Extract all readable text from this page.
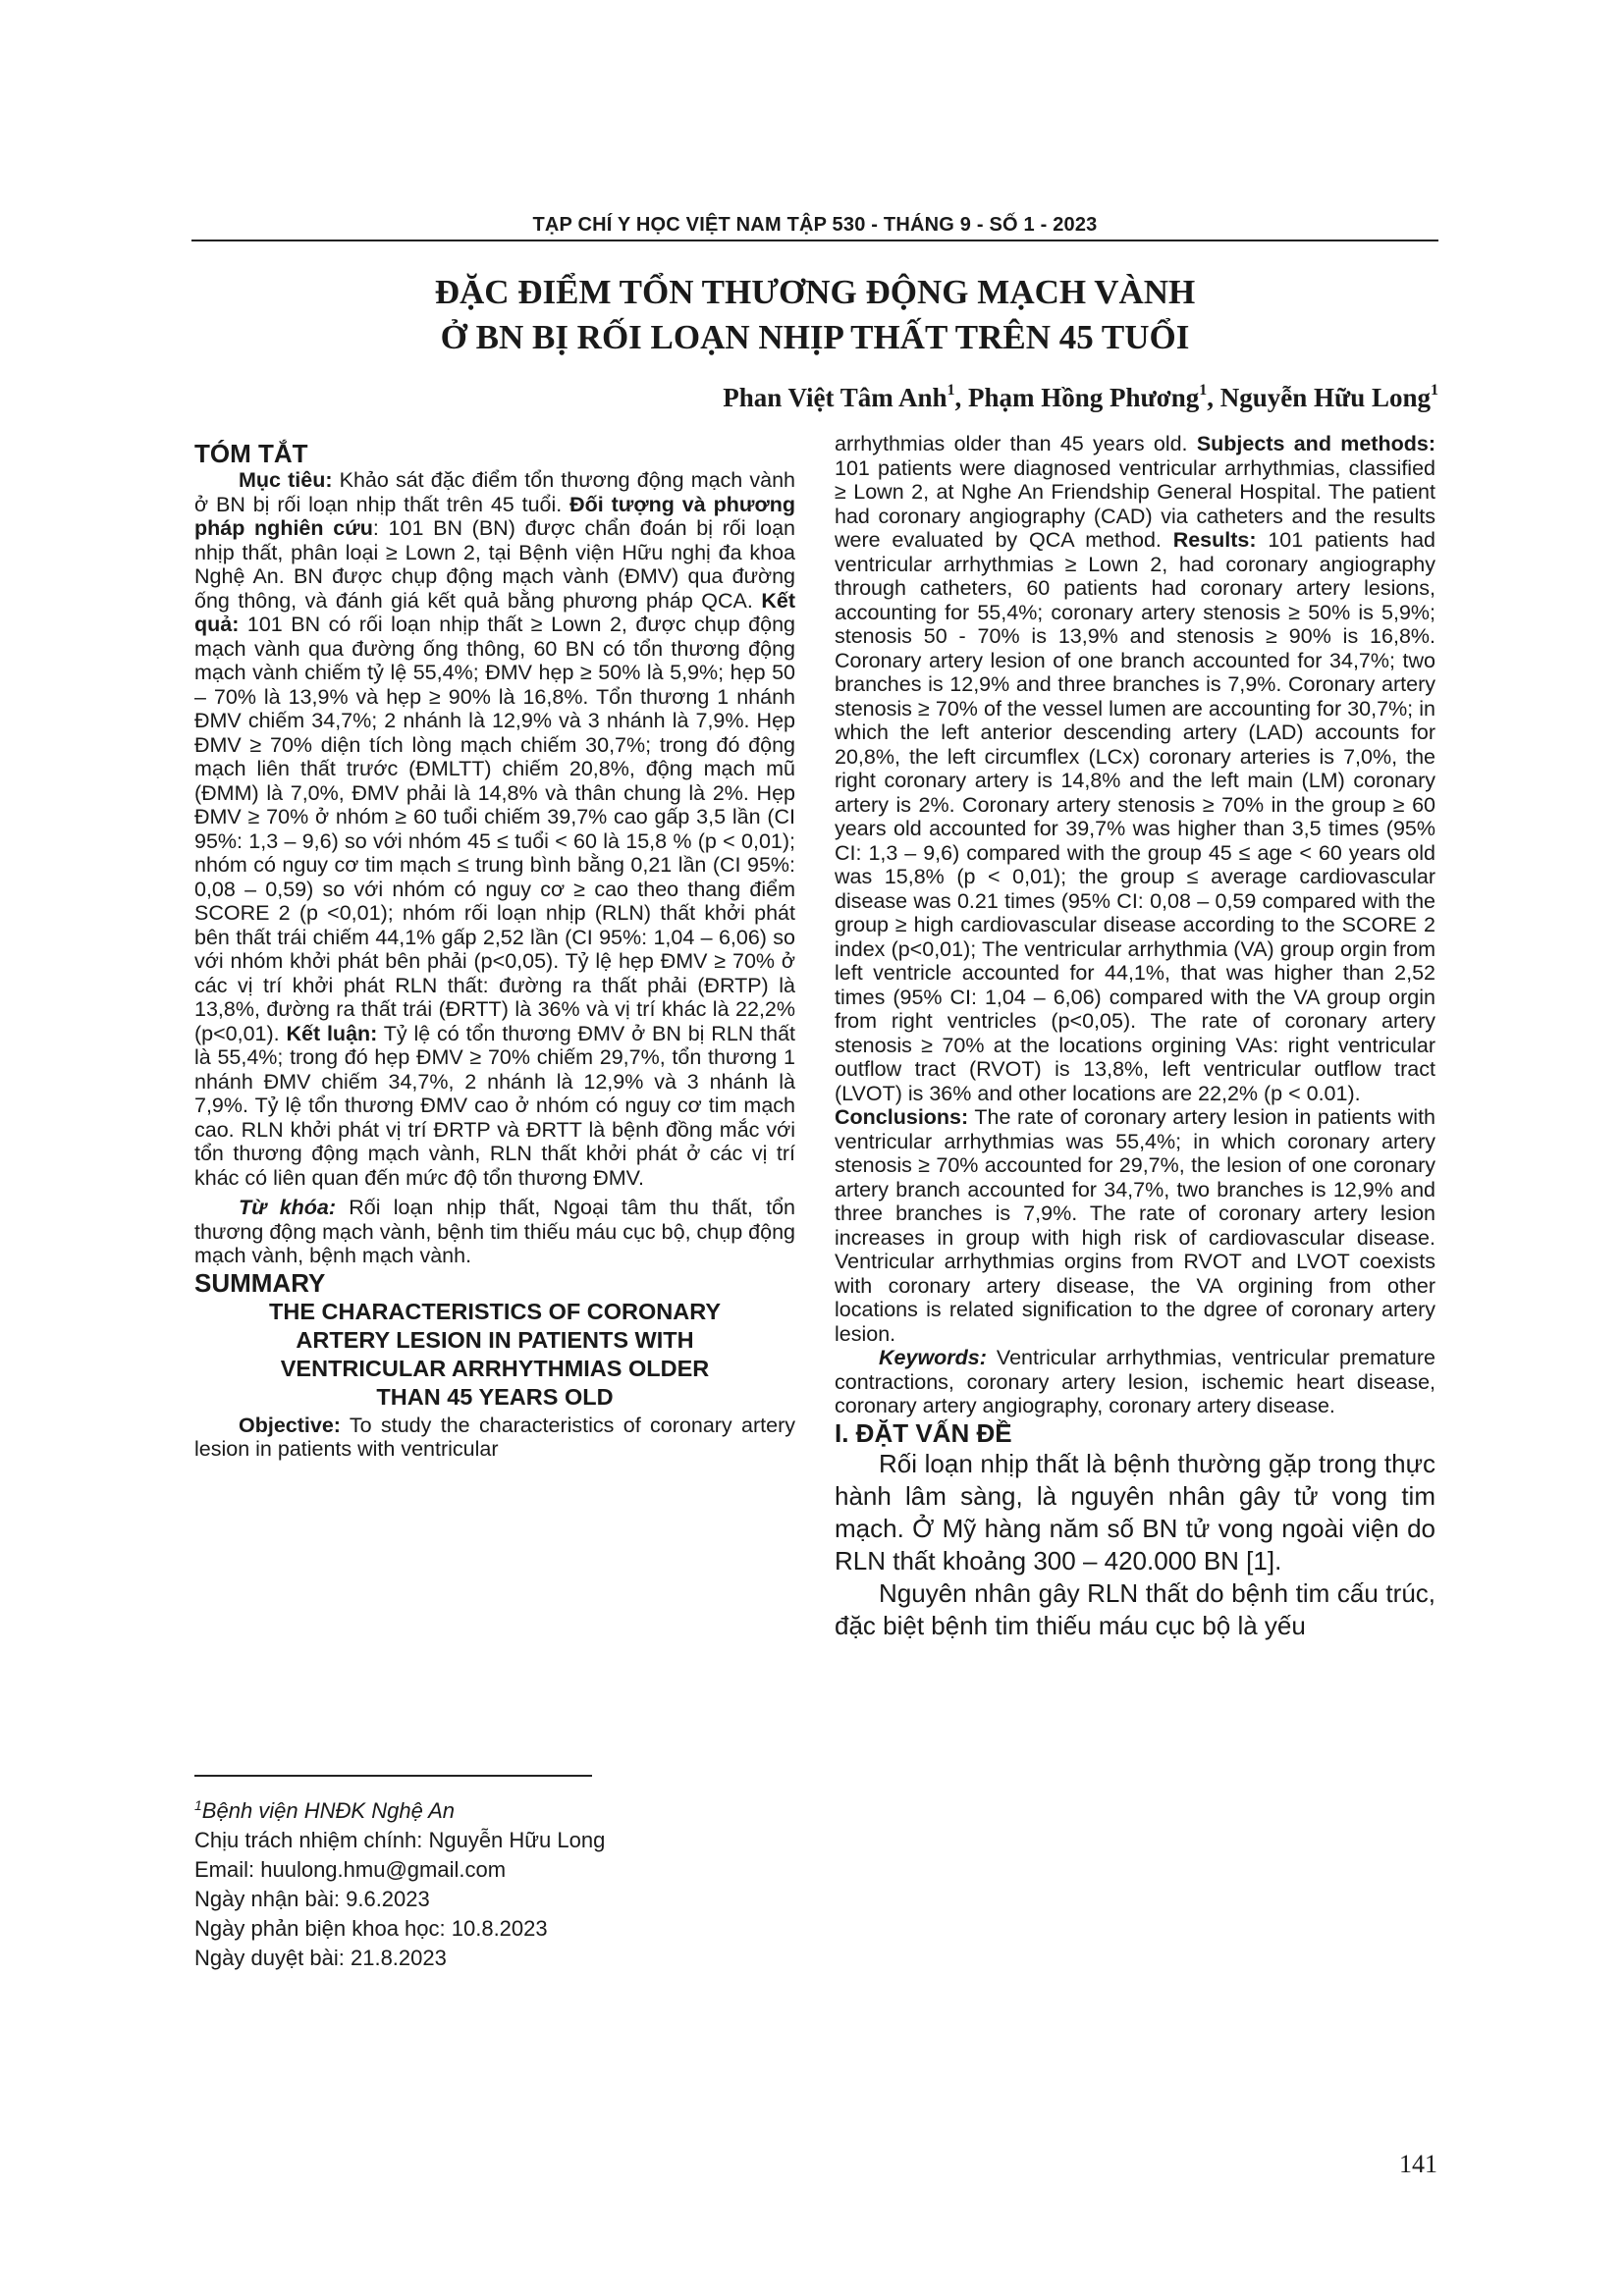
TẠP CHÍ Y HỌC VIỆT NAM TẬP 530 - THÁNG 9 - SỐ 1 - 2023
ĐẶC ĐIỂM TỔN THƯƠNG ĐỘNG MẠCH VÀNH
Ở BN BỊ RỐI LOẠN NHỊP THẤT TRÊN 45 TUỔI
Phan Việt Tâm Anh$^1$, Phạm Hồng Phương$^1$, Nguyễn Hữu Long$^1$

TÓM TẮT

Mục tiêu: Khảo sát đặc điểm tổn thương động mạch vành ở BN bị rối loạn nhịp thất trên 45 tuổi. Đối tượng và phương pháp nghiên cứu: 101 BN (BN) được chẩn đoán bị rối loạn nhịp thất, phân loại ≥ Lown 2, tại Bệnh viện Hữu nghị đa khoa Nghệ An. BN được chụp động mạch vành (ĐMV) qua đường ống thông, và đánh giá kết quả bằng phương pháp QCA. Kết quả: 101 BN có rối loạn nhịp thất ≥ Lown 2, được chụp động mạch vành qua đường ống thông, 60 BN có tổn thương động mạch vành chiếm tỷ lệ 55,4%; ĐMV hẹp ≥ 50% là 5,9%; hẹp 50 – 70% là 13,9% và hẹp ≥ 90% là 16,8%. Tổn thương 1 nhánh ĐMV chiếm 34,7%; 2 nhánh là 12,9% và 3 nhánh là 7,9%. Hẹp ĐMV ≥ 70% diện tích lòng mạch chiếm 30,7%; trong đó động mạch liên thất trước (ĐMLTT) chiếm 20,8%, động mạch mũ (ĐMM) là 7,0%, ĐMV phải là 14,8% và thân chung là 2%. Hẹp ĐMV ≥ 70% ở nhóm ≥ 60 tuổi chiếm 39,7% cao gấp 3,5 lần (CI 95%: 1,3 – 9,6) so với nhóm 45 ≤ tuổi < 60 là 15,8 % (p < 0,01); nhóm có nguy cơ tim mạch ≤ trung bình bằng 0,21 lần (CI 95%: 0,08 – 0,59) so với nhóm có nguy cơ ≥ cao theo thang điểm SCORE 2 (p <0,01); nhóm rối loạn nhịp (RLN) thất khởi phát bên thất trái chiếm 44,1% gấp 2,52 lần (CI 95%: 1,04 – 6,06) so với nhóm khởi phát bên phải (p<0,05). Tỷ lệ hẹp ĐMV ≥ 70% ở các vị trí khởi phát RLN thất: đường ra thất phải (ĐRTP) là 13,8%, đường ra thất trái (ĐRTT) là 36% và vị trí khác là 22,2% (p<0,01). Kết luận: Tỷ lệ có tổn thương ĐMV ở BN bị RLN thất là 55,4%; trong đó hẹp ĐMV ≥ 70% chiếm 29,7%, tổn thương 1 nhánh ĐMV chiếm 34,7%, 2 nhánh là 12,9% và 3 nhánh là 7,9%. Tỷ lệ tổn thương ĐMV cao ở nhóm có nguy cơ tim mạch cao. RLN khởi phát vị trí ĐRTP và ĐRTT là bệnh đồng mắc với tổn thương động mạch vành, RLN thất khởi phát ở các vị trí khác có liên quan đến mức độ tổn thương ĐMV.

Từ khóa: Rối loạn nhịp thất, Ngoại tâm thu thất, tổn thương động mạch vành, bệnh tim thiếu máu cục bộ, chụp động mạch vành, bệnh mạch vành.

SUMMARY

THE CHARACTERISTICS OF CORONARY
ARTERY LESION IN PATIENTS WITH
VENTRICULAR ARRHYTHMIAS OLDER
THAN 45 YEARS OLD

Objective: To study the characteristics of coronary artery lesion in patients with ventricular

$^1$Bệnh viện HNĐK Nghệ An
Chịu trách nhiệm chính: Nguyễn Hữu Long
Email: huulong.hmu@gmail.com
Ngày nhận bài: 9.6.2023
Ngày phản biện khoa học: 10.8.2023
Ngày duyệt bài: 21.8.2023

arrhythmias older than 45 years old. Subjects and methods: 101 patients were diagnosed ventricular arrhythmias, classified ≥ Lown 2, at Nghe An Friendship General Hospital. The patient had coronary angiography (CAD) via catheters and the results were evaluated by QCA method. Results: 101 patients had ventricular arrhythmias ≥ Lown 2, had coronary angiography through catheters, 60 patients had coronary artery lesions, accounting for 55,4%; coronary artery stenosis ≥ 50% is 5,9%; stenosis 50 - 70% is 13,9% and stenosis ≥ 90% is 16,8%. Coronary artery lesion of one branch accounted for 34,7%; two branches is 12,9% and three branches is 7,9%. Coronary artery stenosis ≥ 70% of the vessel lumen are accounting for 30,7%; in which the left anterior descending artery (LAD) accounts for 20,8%, the left circumflex (LCx) coronary arteries is 7,0%, the right coronary artery is 14,8% and the left main (LM) coronary artery is 2%. Coronary artery stenosis ≥ 70% in the group ≥ 60 years old accounted for 39,7% was higher than 3,5 times (95% CI: 1,3 – 9,6) compared with the group 45 ≤ age < 60 years old was 15,8% (p < 0,01); the group ≤ average cardiovascular disease was 0.21 times (95% CI: 0,08 – 0,59 compared with the group ≥ high cardiovascular disease according to the SCORE 2 index (p<0,01); The ventricular arrhythmia (VA) group orgin from left ventricle accounted for 44,1%, that was higher than 2,52 times (95% CI: 1,04 – 6,06) compared with the VA group orgin from right ventricles (p<0,05). The rate of coronary artery stenosis ≥ 70% at the locations orgining VAs: right ventricular outflow tract (RVOT) is 13,8%, left ventricular outflow tract (LVOT) is 36% and other locations are 22,2% (p < 0.01).
Conclusions: The rate of coronary artery lesion in patients with ventricular arrhythmias was 55,4%; in which coronary artery stenosis ≥ 70% accounted for 29,7%, the lesion of one coronary artery branch accounted for 34,7%, two branches is 12,9% and three branches is 7,9%. The rate of coronary artery lesion increases in group with high risk of cardiovascular disease. Ventricular arrhythmias orgins from RVOT and LVOT coexists with coronary artery disease, the VA orgining from other locations is related signification to the dgree of coronary artery lesion.

Keywords: Ventricular arrhythmias, ventricular premature contractions, coronary artery lesion, ischemic heart disease, coronary artery angiography, coronary artery disease.

I. ĐẶT VẤN ĐỀ

Rối loạn nhịp thất là bệnh thường gặp trong thực hành lâm sàng, là nguyên nhân gây tử vong tim mạch. Ở Mỹ hàng năm số BN tử vong ngoài viện do RLN thất khoảng 300 – 420.000 BN [1].

Nguyên nhân gây RLN thất do bệnh tim cấu trúc, đặc biệt bệnh tim thiếu máu cục bộ là yếu

141
